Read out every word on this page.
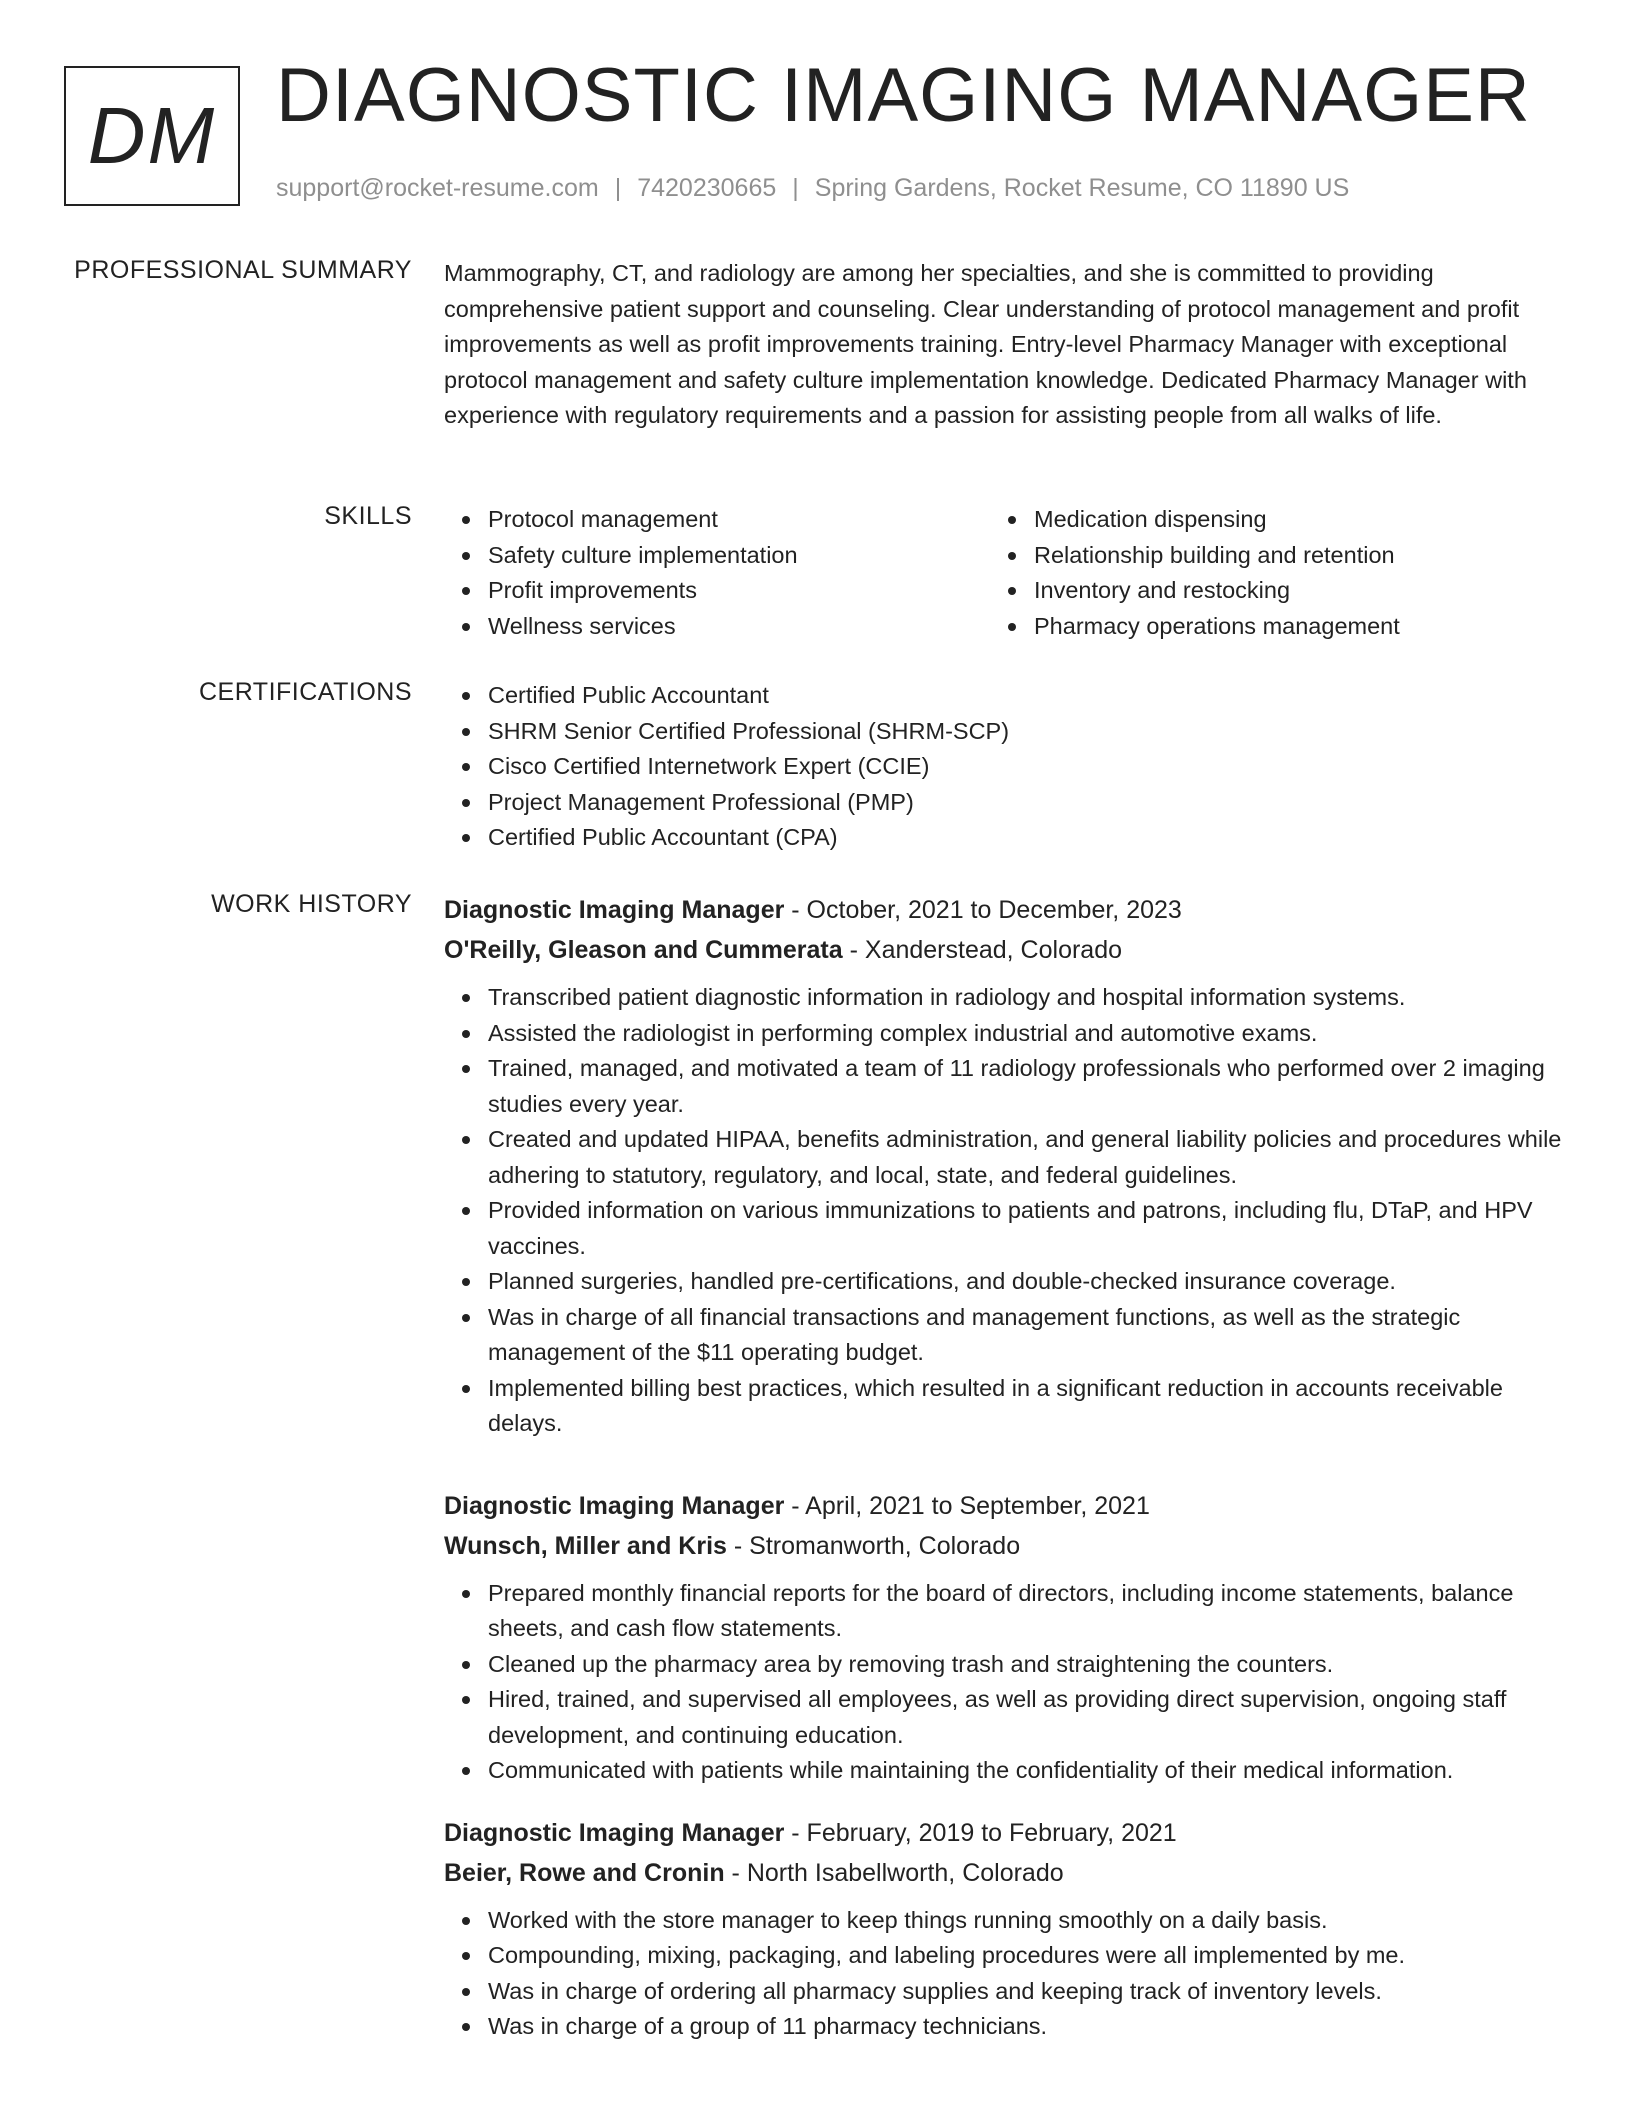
DM DIAGNOSTIC IMAGING MANAGER
support@rocket-resume.com | 7420230665 | Spring Gardens, Rocket Resume, CO 11890 US
PROFESSIONAL SUMMARY Mammography, CT, and radiology are among her specialties, and she is committed to providing comprehensive patient support and counseling. Clear understanding of protocol management and profit improvements as well as profit improvements training. Entry-level Pharmacy Manager with exceptional protocol management and safety culture implementation knowledge. Dedicated Pharmacy Manager with experience with regulatory requirements and a passion for assisting people from all walks of life.
SKILLS	Protocol management
Safety culture implementation
Profit improvements
Wellness services
Medication dispensing
Relationship building and retention
Inventory and restocking
Pharmacy operations management
CERTIFICATIONS	Certified Public Accountant
SHRM Senior Certified Professional (SHRM-SCP)
Cisco Certified Internetwork Expert (CCIE)
Project Management Professional (PMP)
Certified Public Accountant (CPA)
WORK HISTORY Diagnostic Imaging Manager - October, 2021 to December, 2023
O'Reilly, Gleason and Cummerata - Xanderstead, Colorado
Transcribed patient diagnostic information in radiology and hospital information systems.
Assisted the radiologist in performing complex industrial and automotive exams.
Trained, managed, and motivated a team of 11 radiology professionals who performed over 2 imaging studies every year.
Created and updated HIPAA, benefits administration, and general liability policies and procedures while adhering to statutory, regulatory, and local, state, and federal guidelines.
Provided information on various immunizations to patients and patrons, including flu, DTaP, and HPV vaccines.
Planned surgeries, handled pre-certifications, and double-checked insurance coverage.
Was in charge of all financial transactions and management functions, as well as the strategic management of the $11 operating budget.
Implemented billing best practices, which resulted in a significant reduction in accounts receivable delays.
Diagnostic Imaging Manager - April, 2021 to September, 2021
Wunsch, Miller and Kris - Stromanworth, Colorado
Prepared monthly financial reports for the board of directors, including income statements, balance sheets, and cash flow statements.
Cleaned up the pharmacy area by removing trash and straightening the counters.
Hired, trained, and supervised all employees, as well as providing direct supervision, ongoing staff development, and continuing education.
Communicated with patients while maintaining the confidentiality of their medical information.
Diagnostic Imaging Manager - February, 2019 to February, 2021
Beier, Rowe and Cronin - North Isabellworth, Colorado
Worked with the store manager to keep things running smoothly on a daily basis.
Compounding, mixing, packaging, and labeling procedures were all implemented by me.
Was in charge of ordering all pharmacy supplies and keeping track of inventory levels.
Was in charge of a group of 11 pharmacy technicians.
